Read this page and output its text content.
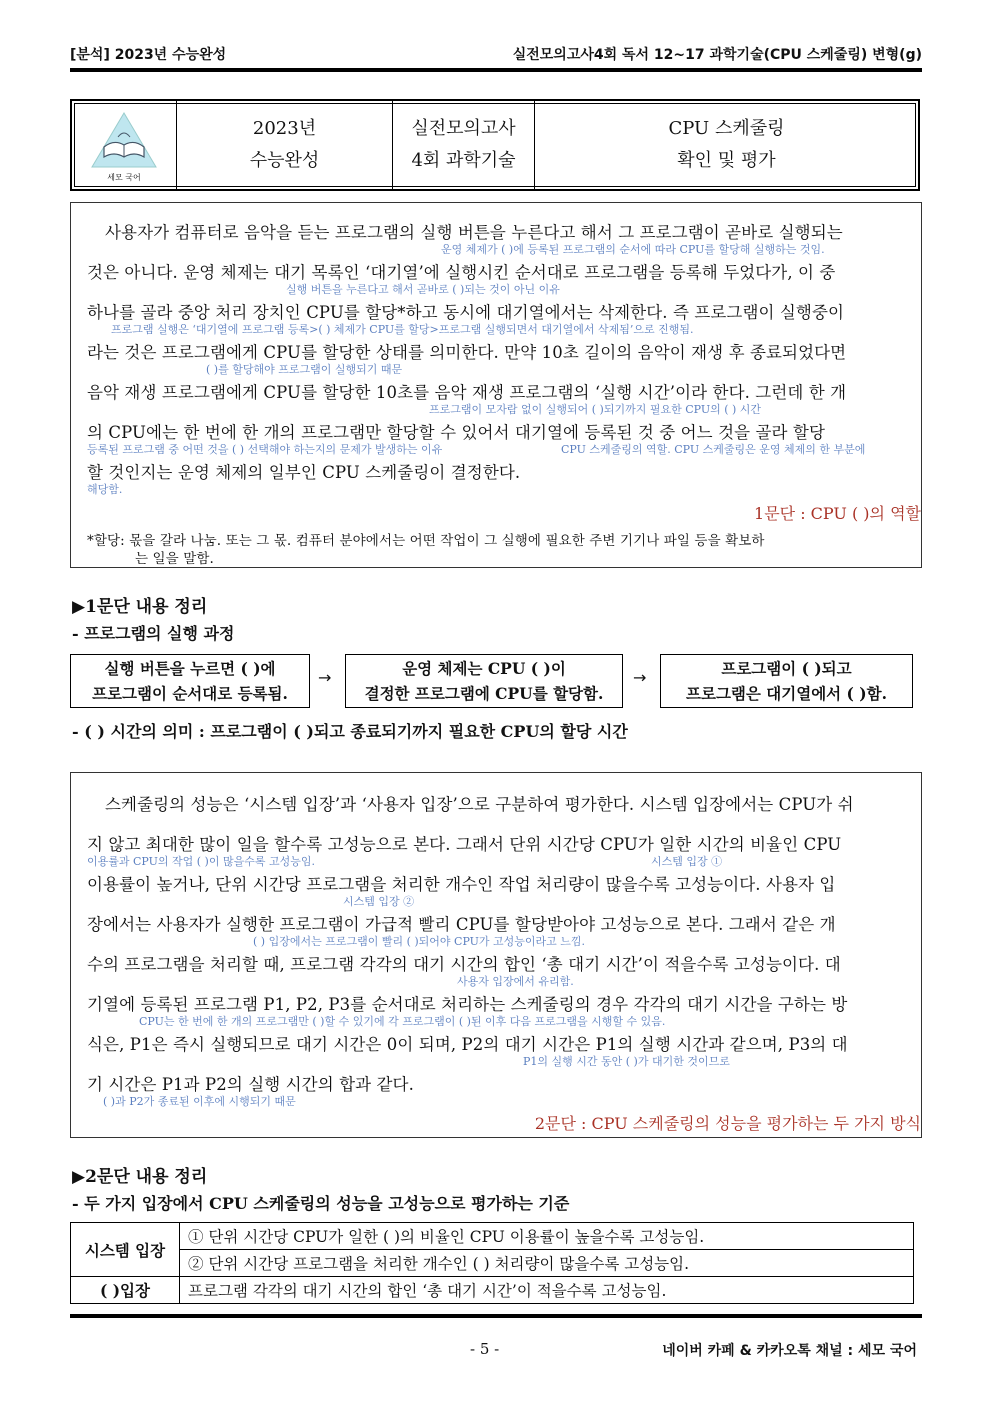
[분석] 2023년 수능완성	실전모의고사4회 독서 12~17 과학기술(CPU 스케줄링) 변형(g)
세모 국어
2023년
수능완성
실전모의고사
4회 과학기술
CPU 스케줄링
확인 및 평가
사용자가 컴퓨터로 음악을 듣는 프로그램의 실행 버튼을 누른다고 해서 그 프로그램이 곧바로 실행되는
운영 체제가 ( )에 등록된 프로그램의 순서에 따라 CPU를 할당해 실행하는 것임.
것은 아니다. 운영 체제는 대기 목록인 ‘대기열’에 실행시킨 순서대로 프로그램을 등록해 두었다가, 이 중
실행 버튼을 누른다고 해서 곧바로 ( )되는 것이 아닌 이유
하나를 골라 중앙 처리 장치인 CPU를 할당*하고 동시에 대기열에서는 삭제한다. 즉 프로그램이 실행중이
프로그램 실행은 ‘대기열에 프로그램 등록>( ) 체제가 CPU를 할당>프로그램 실행되면서 대기열에서 삭제됨’으로 진행됨.
라는 것은 프로그램에게 CPU를 할당한 상태를 의미한다. 만약 10초 길이의 음악이 재생 후 종료되었다면
( )를 할당해야 프로그램이 실행되기 때문
음악 재생 프로그램에게 CPU를 할당한 10초를 음악 재생 프로그램의 ‘실행 시간’이라 한다. 그런데 한 개
프로그램이 모자람 없이 실행되어 ( )되기까지 필요한 CPU의 ( ) 시간
의 CPU에는 한 번에 한 개의 프로그램만 할당할 수 있어서 대기열에 등록된 것 중 어느 것을 골라 할당
등록된 프로그램 중 어떤 것을 ( ) 선택해야 하는지의 문제가 발생하는 이유	CPU 스케줄링의 역할. CPU 스케줄링은 운영 체제의 한 부분에
할 것인지는 운영 체제의 일부인 CPU 스케줄링이 결정한다.
해당함.
1문단 : CPU ( )의 역할
*할당: 몫을 갈라 나눔. 또는 그 몫. 컴퓨터 분야에서는 어떤 작업이 그 실행에 필요한 주변 기기나 파일 등을 확보하
는 일을 말함.
▶1문단 내용 정리
- 프로그램의 실행 과정
실행 버튼을 누르면 ( )에
프로그램이 순서대로 등록됨.
→	운영 체제는 CPU ( )이
결정한 프로그램에 CPU를 할당함.
→	프로그램이 ( )되고
프로그램은 대기열에서 ( )함.
- ( ) 시간의 의미 : 프로그램이 ( )되고 종료되기까지 필요한 CPU의 할당 시간
스케줄링의 성능은 ‘시스템 입장’과 ‘사용자 입장’으로 구분하여 평가한다. 시스템 입장에서는 CPU가 쉬
지 않고 최대한 많이 일을 할수록 고성능으로 본다. 그래서 단위 시간당 CPU가 일한 시간의 비율인 CPU
이용률과 CPU의 작업 ( )이 많을수록 고성능임.	시스템 입장 ①
이용률이 높거나, 단위 시간당 프로그램을 처리한 개수인 작업 처리량이 많을수록 고성능이다. 사용자 입
시스템 입장 ②
장에서는 사용자가 실행한 프로그램이 가급적 빨리 CPU를 할당받아야 고성능으로 본다. 그래서 같은 개
( ) 입장에서는 프로그램이 빨리 ( )되어야 CPU가 고성능이라고 느낌.
수의 프로그램을 처리할 때, 프로그램 각각의 대기 시간의 합인 ‘총 대기 시간’이 적을수록 고성능이다. 대
사용자 입장에서 유리함.
기열에 등록된 프로그램 P1, P2, P3를 순서대로 처리하는 스케줄링의 경우 각각의 대기 시간을 구하는 방
CPU는 한 번에 한 개의 프로그램만 ( )할 수 있기에 각 프로그램이 ( )된 이후 다음 프로그램을 시행할 수 있음.
식은, P1은 즉시 실행되므로 대기 시간은 0이 되며, P2의 대기 시간은 P1의 실행 시간과 같으며, P3의 대
P1의 실행 시간 동안 ( )가 대기한 것이므로
기 시간은 P1과 P2의 실행 시간의 합과 같다.
( )과 P2가 종료된 이후에 시행되기 때문
2문단 : CPU 스케줄링의 성능을 평가하는 두 가지 방식
▶2문단 내용 정리
- 두 가지 입장에서 CPU 스케줄링의 성능을 고성능으로 평가하는 기준
시스템 입장	① 단위 시간당 CPU가 일한 ( )의 비율인 CPU 이용률이 높을수록 고성능임.
	② 단위 시간당 프로그램을 처리한 개수인 ( ) 처리량이 많을수록 고성능임.
( )입장	프로그램 각각의 대기 시간의 합인 ‘총 대기 시간’이 적을수록 고성능임.
- 5 -	네이버 카페 & 카카오톡 채널 : 세모 국어
